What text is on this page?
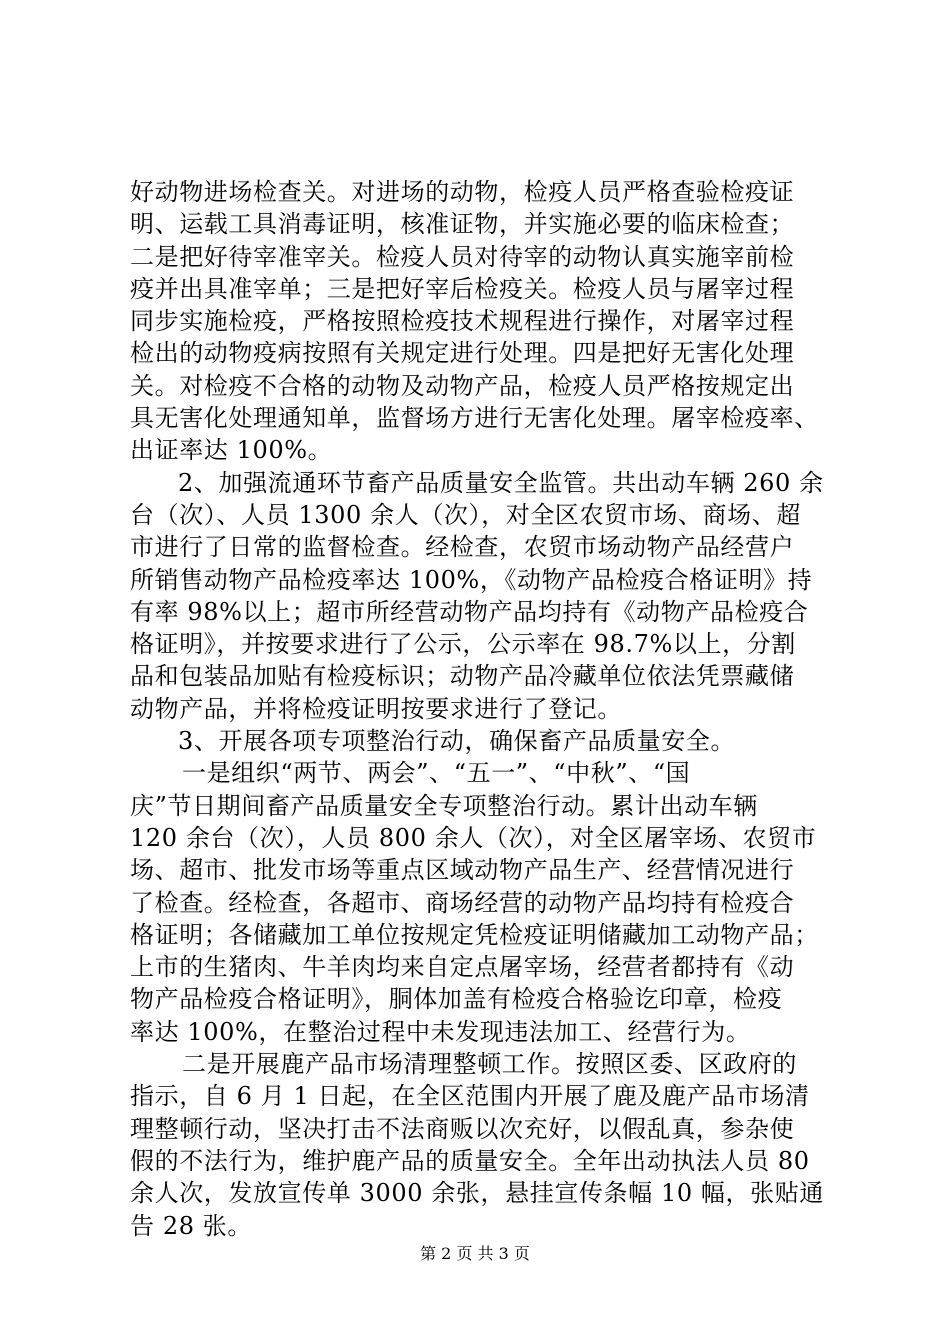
好动物进场检查关。对进场的动物，检疫人员严格查验检疫证
明、运载工具消毒证明，核准证物，并实施必要的临床检查；
二是把好待宰准宰关。检疫人员对待宰的动物认真实施宰前检
疫并出具准宰单；三是把好宰后检疫关。检疫人员与屠宰过程
同步实施检疫，严格按照检疫技术规程进行操作，对屠宰过程
检出的动物疫病按照有关规定进行处理。四是把好无害化处理
关。对检疫不合格的动物及动物产品，检疫人员严格按规定出
具无害化处理通知单，监督场方进行无害化处理。屠宰检疫率、
出证率达 100%。
2、加强流通环节畜产品质量安全监管。共出动车辆 260 余
台（次）、人员 1300 余人（次），对全区农贸市场、商场、超
市进行了日常的监督检查。经检查，农贸市场动物产品经营户
所销售动物产品检疫率达 100%，《动物产品检疫合格证明》持
有率 98%以上；超市所经营动物产品均持有《动物产品检疫合
格证明》，并按要求进行了公示，公示率在 98.7%以上，分割
品和包装品加贴有检疫标识；动物产品冷藏单位依法凭票藏储
动物产品，并将检疫证明按要求进行了登记。
3、开展各项专项整治行动，确保畜产品质量安全。
一是组织“两节、两会”、“五一”、“中秋”、“国
庆”节日期间畜产品质量安全专项整治行动。累计出动车辆
120 余台（次），人员 800 余人（次），对全区屠宰场、农贸市
场、超市、批发市场等重点区域动物产品生产、经营情况进行
了检查。经检查，各超市、商场经营的动物产品均持有检疫合
格证明；各储藏加工单位按规定凭检疫证明储藏加工动物产品；
上市的生猪肉、牛羊肉均来自定点屠宰场，经营者都持有《动
物产品检疫合格证明》，胴体加盖有检疫合格验讫印章，检疫
率达 100%，在整治过程中未发现违法加工、经营行为。
二是开展鹿产品市场清理整顿工作。按照区委、区政府的
指示，自 6 月 1 日起，在全区范围内开展了鹿及鹿产品市场清
理整顿行动，坚决打击不法商贩以次充好，以假乱真，参杂使
假的不法行为，维护鹿产品的质量安全。全年出动执法人员 80
余人次，发放宣传单 3000 余张，悬挂宣传条幅 10 幅，张贴通
告 28 张。
第 2 页 共 3 页
